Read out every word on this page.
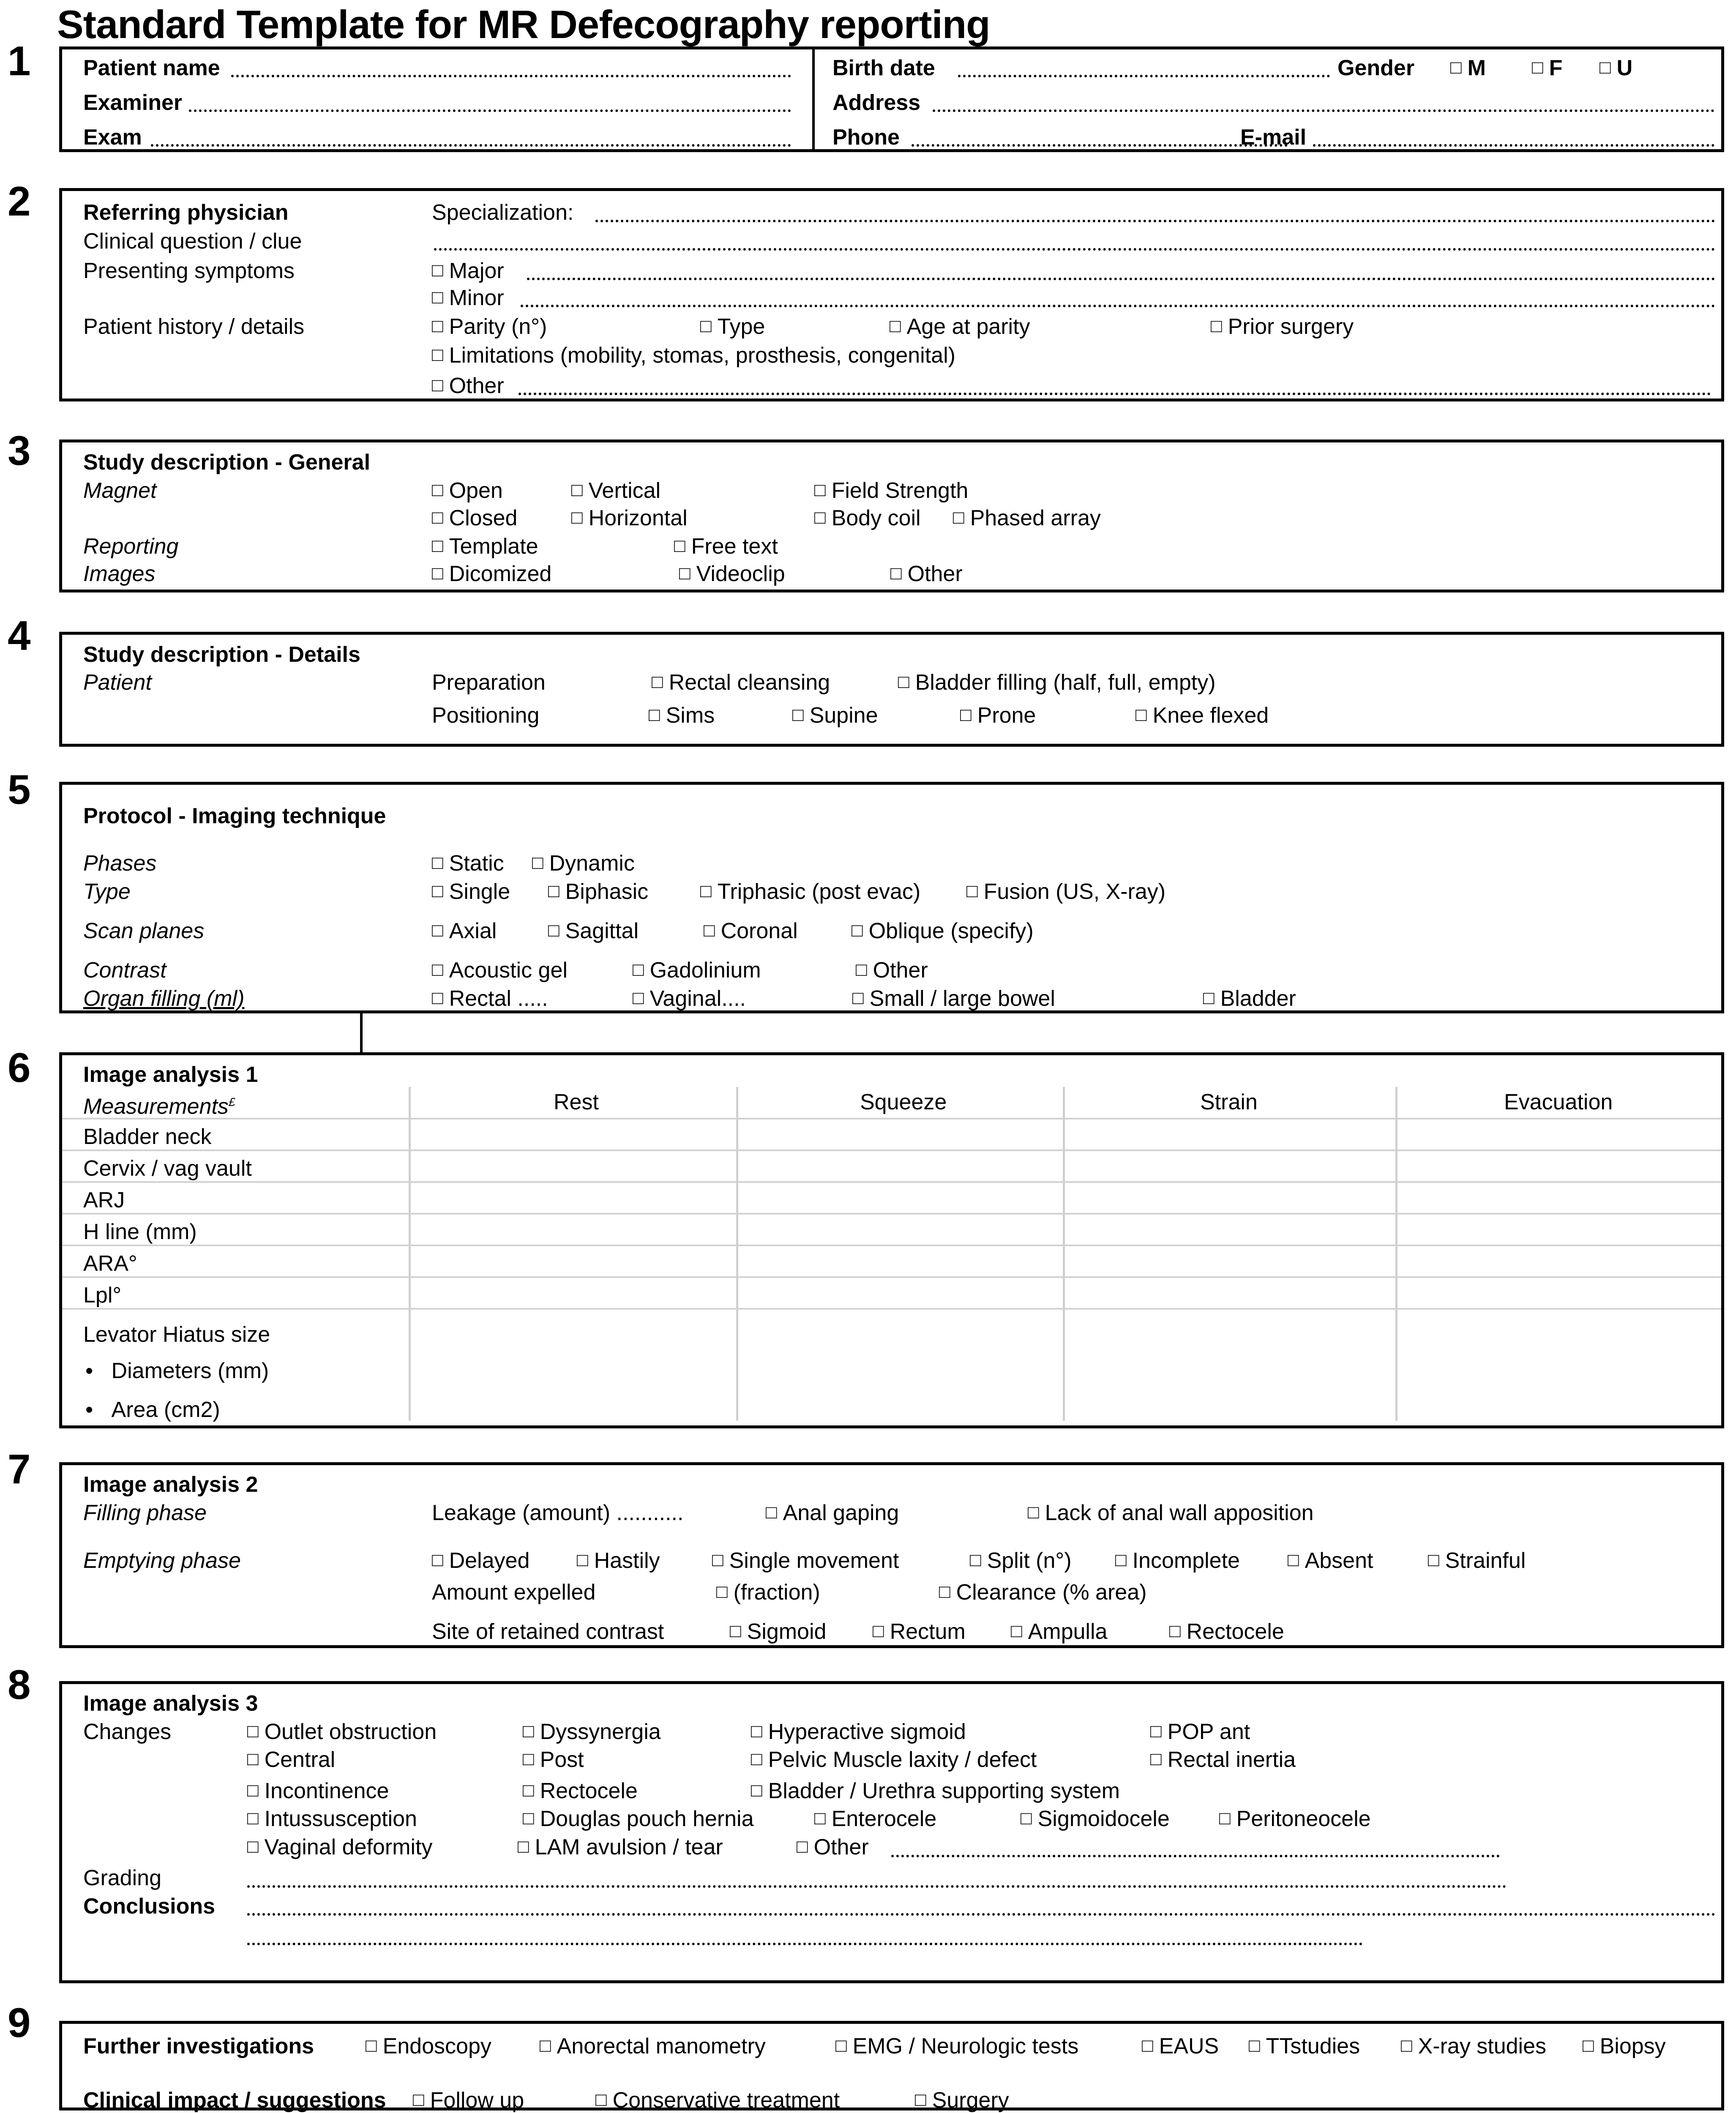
Standard Template for MR Defecography reporting
1
2
3
4
5
6
7
8
9
Patient name
Examiner
Exam
Birth date	Gender	□ M	□ F	□ U
Address
Phone	E-mail
Referring physician	Specialization:
Clinical question / clue
Presenting symptoms	□ Major
□ Minor
Patient history / details	□ Parity (n°)	□ Type	□ Age at parity	□ Prior surgery
□ Limitations (mobility, stomas, prosthesis, congenital)
□ Other
Study description - General
Magnet	□ Open	□ Vertical	□ Field Strength
□ Closed	□ Horizontal	□ Body coil	□ Phased array
Reporting	□ Template	□ Free text
Images	□ Dicomized	□ Videoclip	□ Other
Study description - Details
Patient	Preparation	□ Rectal cleansing	□ Bladder filling (half, full, empty)
Positioning	□ Sims	□ Supine	□ Prone	□ Knee flexed
Protocol - Imaging technique
Phases	□ Static	□ Dynamic
Type	□ Single	□ Biphasic	□ Triphasic (post evac)	□ Fusion (US, X-ray)
Scan planes	□ Axial	□ Sagittal	□ Coronal	□ Oblique (specify)
Contrast	□ Acoustic gel	□ Gadolinium	□ Other
Organ filling (ml)	□ Rectal .....	□ Vaginal....	□ Small / large bowel	□ Bladder
Image analysis 1
Measurements£	Rest	Squeeze	Strain	Evacuation
Bladder neck
Cervix / vag vault
ARJ
H line (mm)
ARA°
Lpl°
Levator Hiatus size
•   Diameters (mm)
•   Area (cm2)
Image analysis 2
Filling phase	Leakage (amount) ...........	□ Anal gaping	□ Lack of anal wall apposition
Emptying phase	□ Delayed	□ Hastily	□ Single movement	□ Split (n°)	□ Incomplete	□ Absent	□ Strainful
Amount expelled	□ (fraction)	□ Clearance (% area)
Site of retained contrast	□ Sigmoid	□ Rectum	□ Ampulla	□ Rectocele
Image analysis 3
Changes	□ Outlet obstruction	□ Dyssynergia	□ Hyperactive sigmoid	□ POP ant
□ Central	□ Post	□ Pelvic Muscle laxity / defect	□ Rectal inertia
□ Incontinence	□ Rectocele	□ Bladder / Urethra supporting system
□ Intussusception	□ Douglas pouch hernia	□ Enterocele	□ Sigmoidocele	□ Peritoneocele
□ Vaginal deformity	□ LAM avulsion / tear	□ Other
Grading
Conclusions
Further investigations	□ Endoscopy	□ Anorectal manometry	□ EMG / Neurologic tests	□ EAUS	□ TTstudies	□ X-ray studies	□ Biopsy
Clinical impact / suggestions	□ Follow up	□ Conservative treatment	□ Surgery
